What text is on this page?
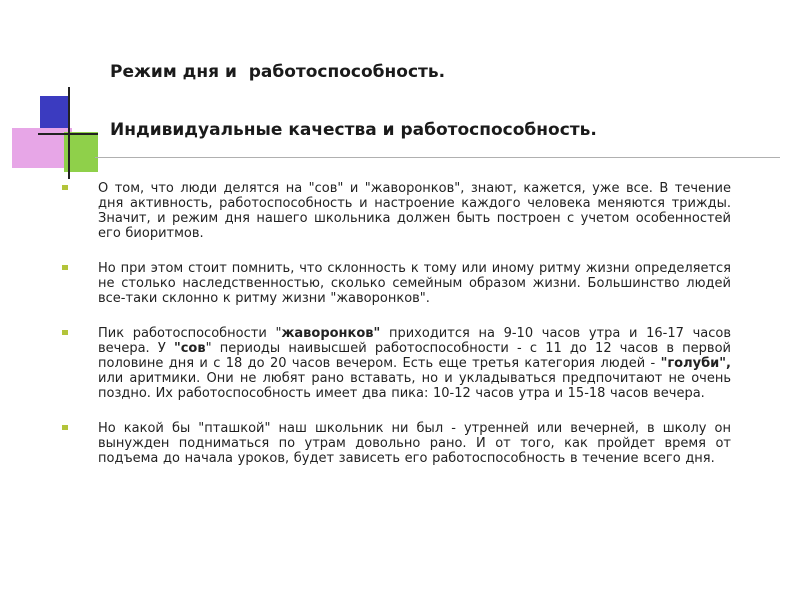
Режим дня и  работоспособность.
Индивидуальные качества и работоспособность.

О том, что люди делятся на "сов" и "жаворонков", знают, кажется, уже все. В течение дня активность, работоспособность и настроение каждого человека меняются трижды. Значит, и режим дня нашего школьника должен быть построен с учетом особенностей его биоритмов.

Но при этом стоит помнить, что склонность к тому или иному ритму жизни определяется не столько наследственностью, сколько семейным образом жизни. Большинство людей все-таки склонно к ритму жизни "жаворонков".

Пик работоспособности "жаворонков" приходится на 9-10 часов утра и 16-17 часов вечера. У "сов" периоды наивысшей работоспособности - с 11 до 12 часов в первой половине дня и с 18 до 20 часов вечером. Есть еще третья категория людей - "голуби", или аритмики. Они не любят рано вставать, но и укладываться предпочитают не очень поздно. Их работоспособность имеет два пика: 10-12 часов утра и 15-18 часов вечера.

Но какой бы "пташкой" наш школьник ни был - утренней или вечерней, в школу он вынужден подниматься по утрам довольно рано. И от того, как пройдет время от подъема до начала уроков, будет зависеть его работоспособность в течение всего дня.
